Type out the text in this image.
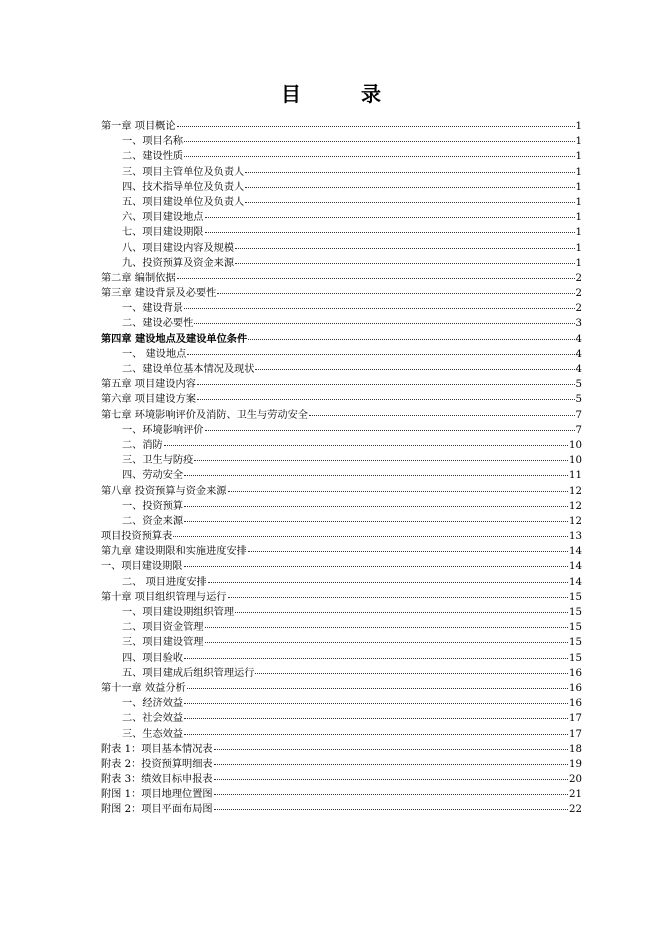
目　录
第一章 项目概论	1
一、项目名称	1
二、建设性质	1
三、项目主管单位及负责人	1
四、技术指导单位及负责人	1
五、项目建设单位及负责人	1
六、项目建设地点	1
七、项目建设期限	1
八、项目建设内容及规模	1
九、投资预算及资金来源	1
第二章 编制依据	2
第三章 建设背景及必要性	2
一、建设背景	2
二、建设必要性	3
第四章 建设地点及建设单位条件	4
一、 建设地点	4
二、建设单位基本情况及现状	4
第五章 项目建设内容	5
第六章 项目建设方案	5
第七章 环境影响评价及消防、卫生与劳动安全	7
一、环境影响评价	7
二、消防	10
三、卫生与防疫	10
四、劳动安全	11
第八章 投资预算与资金来源	12
一、投资预算	12
二、资金来源	12
项目投资预算表	13
第九章 建设期限和实施进度安排	14
一、项目建设期限	14
二、 项目进度安排	14
第十章 项目组织管理与运行	15
一、项目建设期组织管理	15
二、项目资金管理	15
三、项目建设管理	15
四、项目验收	15
五、项目建成后组织管理运行	16
第十一章 效益分析	16
一、经济效益	16
二、社会效益	17
三、生态效益	17
附表 1：项目基本情况表	18
附表 2：投资预算明细表	19
附表 3：绩效目标申报表	20
附图 1：项目地理位置图	21
附图 2：项目平面布局图	22
